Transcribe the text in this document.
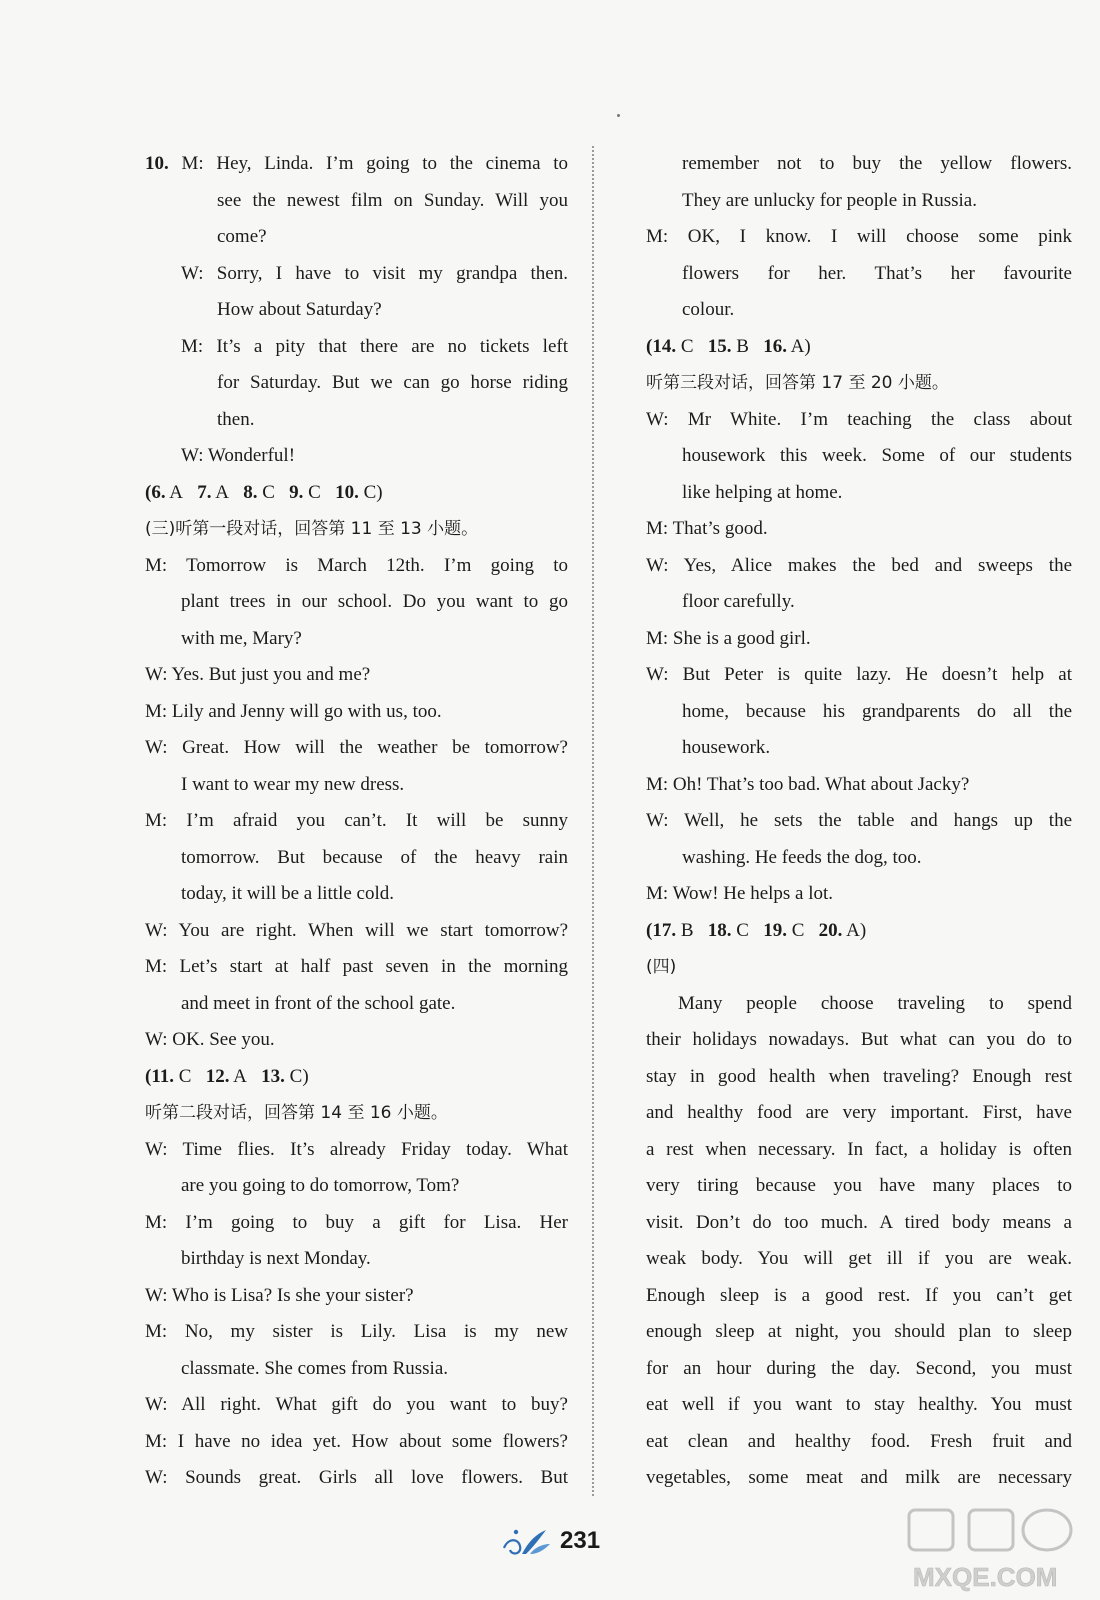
10. M: Hey, Linda. I’m going to the cinema to
see the newest film on Sunday. Will you
come?
W: Sorry, I have to visit my grandpa then.
How about Saturday?
M: It’s a pity that there are no tickets left
for Saturday. But we can go horse riding
then.
W: Wonderful!
(6. A 7. A 8. C 9. C 10. C)
(三)听第一段对话，回答第 11 至 13 小题。
M: Tomorrow is March 12th. I’m going to
plant trees in our school. Do you want to go
with me, Mary?
W: Yes. But just you and me?
M: Lily and Jenny will go with us, too.
W: Great. How will the weather be tomorrow?
I want to wear my new dress.
M: I’m afraid you can’t. It will be sunny
tomorrow. But because of the heavy rain
today, it will be a little cold.
W: You are right. When will we start tomorrow?
M: Let’s start at half past seven in the morning
and meet in front of the school gate.
W: OK. See you.
(11. C 12. A 13. C)
听第二段对话，回答第 14 至 16 小题。
W: Time flies. It’s already Friday today. What
are you going to do tomorrow, Tom?
M: I’m going to buy a gift for Lisa. Her
birthday is next Monday.
W: Who is Lisa? Is she your sister?
M: No, my sister is Lily. Lisa is my new
classmate. She comes from Russia.
W: All right. What gift do you want to buy?
M: I have no idea yet. How about some flowers?
W: Sounds great. Girls all love flowers. But
remember not to buy the yellow flowers.
They are unlucky for people in Russia.
M: OK, I know. I will choose some pink
flowers for her. That’s her favourite
colour.
(14. C 15. B 16. A)
听第三段对话，回答第 17 至 20 小题。
W: Mr White. I’m teaching the class about
housework this week. Some of our students
like helping at home.
M: That’s good.
W: Yes, Alice makes the bed and sweeps the
floor carefully.
M: She is a good girl.
W: But Peter is quite lazy. He doesn’t help at
home, because his grandparents do all the
housework.
M: Oh! That’s too bad. What about Jacky?
W: Well, he sets the table and hangs up the
washing. He feeds the dog, too.
M: Wow! He helps a lot.
(17. B 18. C 19. C 20. A)
(四)
Many people choose traveling to spend
their holidays nowadays. But what can you do to
stay in good health when traveling? Enough rest
and healthy food are very important. First, have
a rest when necessary. In fact, a holiday is often
very tiring because you have many places to
visit. Don’t do too much. A tired body means a
weak body. You will get ill if you are weak.
Enough sleep is a good rest. If you can’t get
enough sleep at night, you should plan to sleep
for an hour during the day. Second, you must
eat well if you want to stay healthy. You must
eat clean and healthy food. Fresh fruit and
vegetables, some meat and milk are necessary
231
MXQE.COM
